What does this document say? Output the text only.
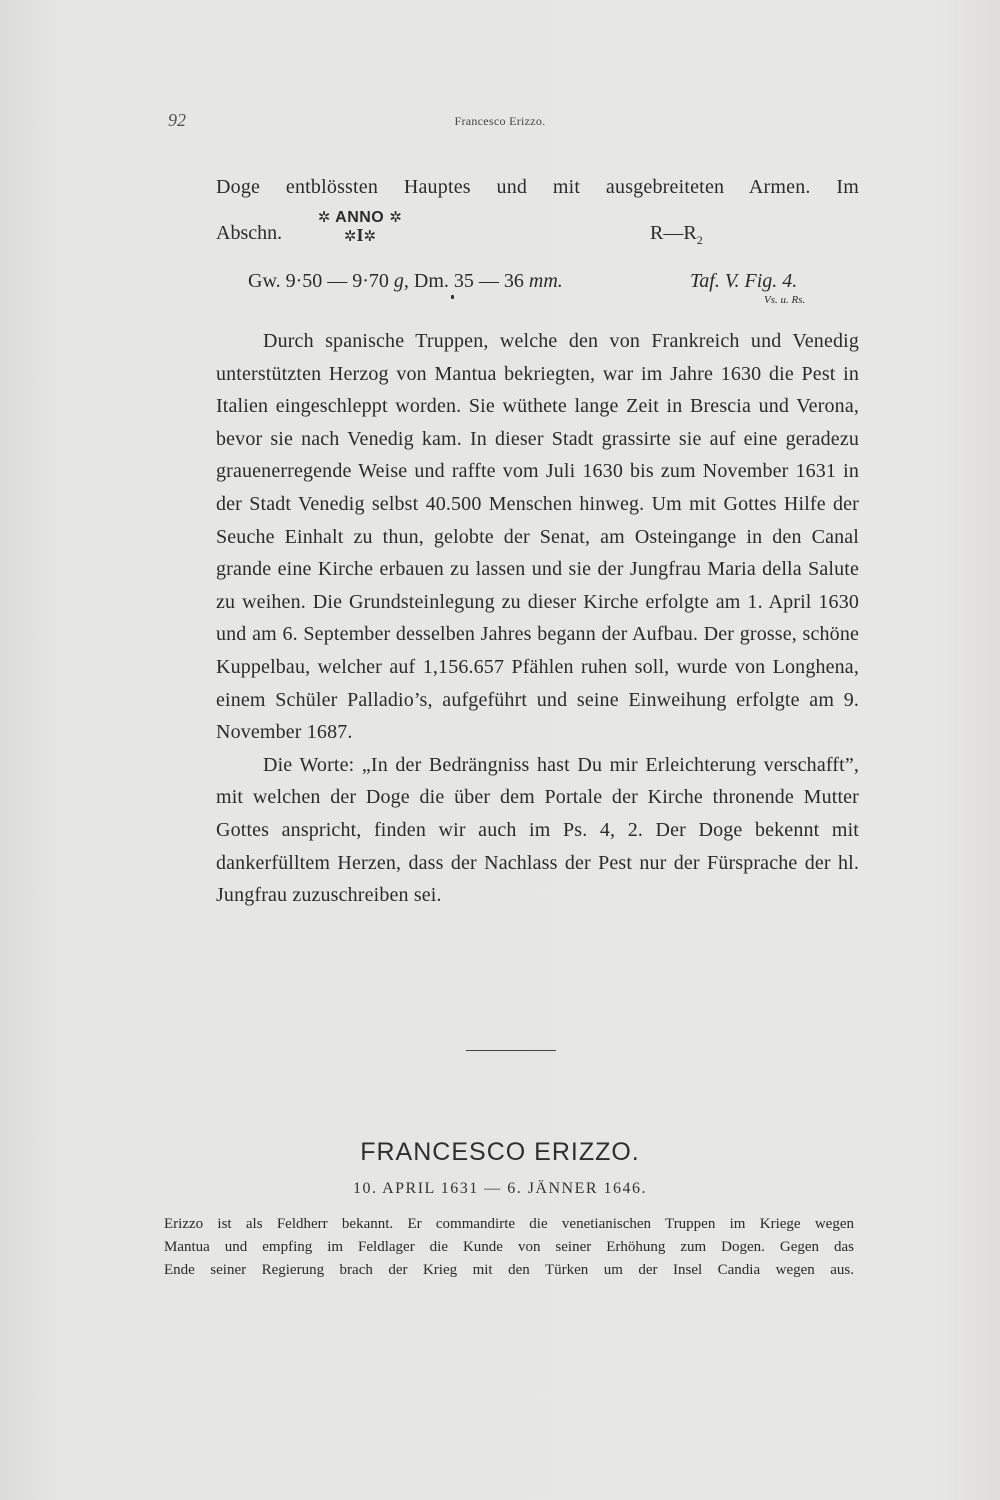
92	Francesco Erizzo.
Doge entblössten Hauptes und mit ausgebreiteten Armen. Im
Abschn.
✲ ANNO ✲
✲I✲	$R—R_2$
Gw. 9·50 — 9·70 g, Dm. 35 — 36 mm.	Taf. V. Fig. 4.
Vs. u. Rs.

Durch spanische Truppen, welche den von Frankreich und Venedig unterstützten Herzog von Mantua bekriegten, war im Jahre 1630 die Pest in Italien eingeschleppt worden. Sie wüthete lange Zeit in Brescia und Verona, bevor sie nach Venedig kam. In dieser Stadt grassirte sie auf eine geradezu grauenerregende Weise und raffte vom Juli 1630 bis zum November 1631 in der Stadt Venedig selbst 40.500 Menschen hinweg. Um mit Gottes Hilfe der Seuche Einhalt zu thun, gelobte der Senat, am Osteingange in den Canal grande eine Kirche erbauen zu lassen und sie der Jungfrau Maria della Salute zu weihen. Die Grundsteinlegung zu dieser Kirche erfolgte am 1. April 1630 und am 6. September desselben Jahres begann der Aufbau. Der grosse, schöne Kuppelbau, welcher auf 1,156.657 Pfählen ruhen soll, wurde von Longhena, einem Schüler Palladio’s, aufgeführt und seine Einweihung erfolgte am 9. November 1687.

Die Worte: „In der Bedrängniss hast Du mir Erleichterung verschafft”, mit welchen der Doge die über dem Portale der Kirche thronende Mutter Gottes anspricht, finden wir auch im Ps. 4, 2. Der Doge bekennt mit dankerfülltem Herzen, dass der Nachlass der Pest nur der Fürsprache der hl. Jungfrau zuzuschreiben sei.

FRANCESCO ERIZZO.
10. APRIL 1631 — 6. JÄNNER 1646.
Erizzo ist als Feldherr bekannt. Er commandirte die venetianischen Truppen im Kriege wegen
Mantua und empfing im Feldlager die Kunde von seiner Erhöhung zum Dogen. Gegen das
Ende seiner Regierung brach der Krieg mit den Türken um der Insel Candia wegen aus.
